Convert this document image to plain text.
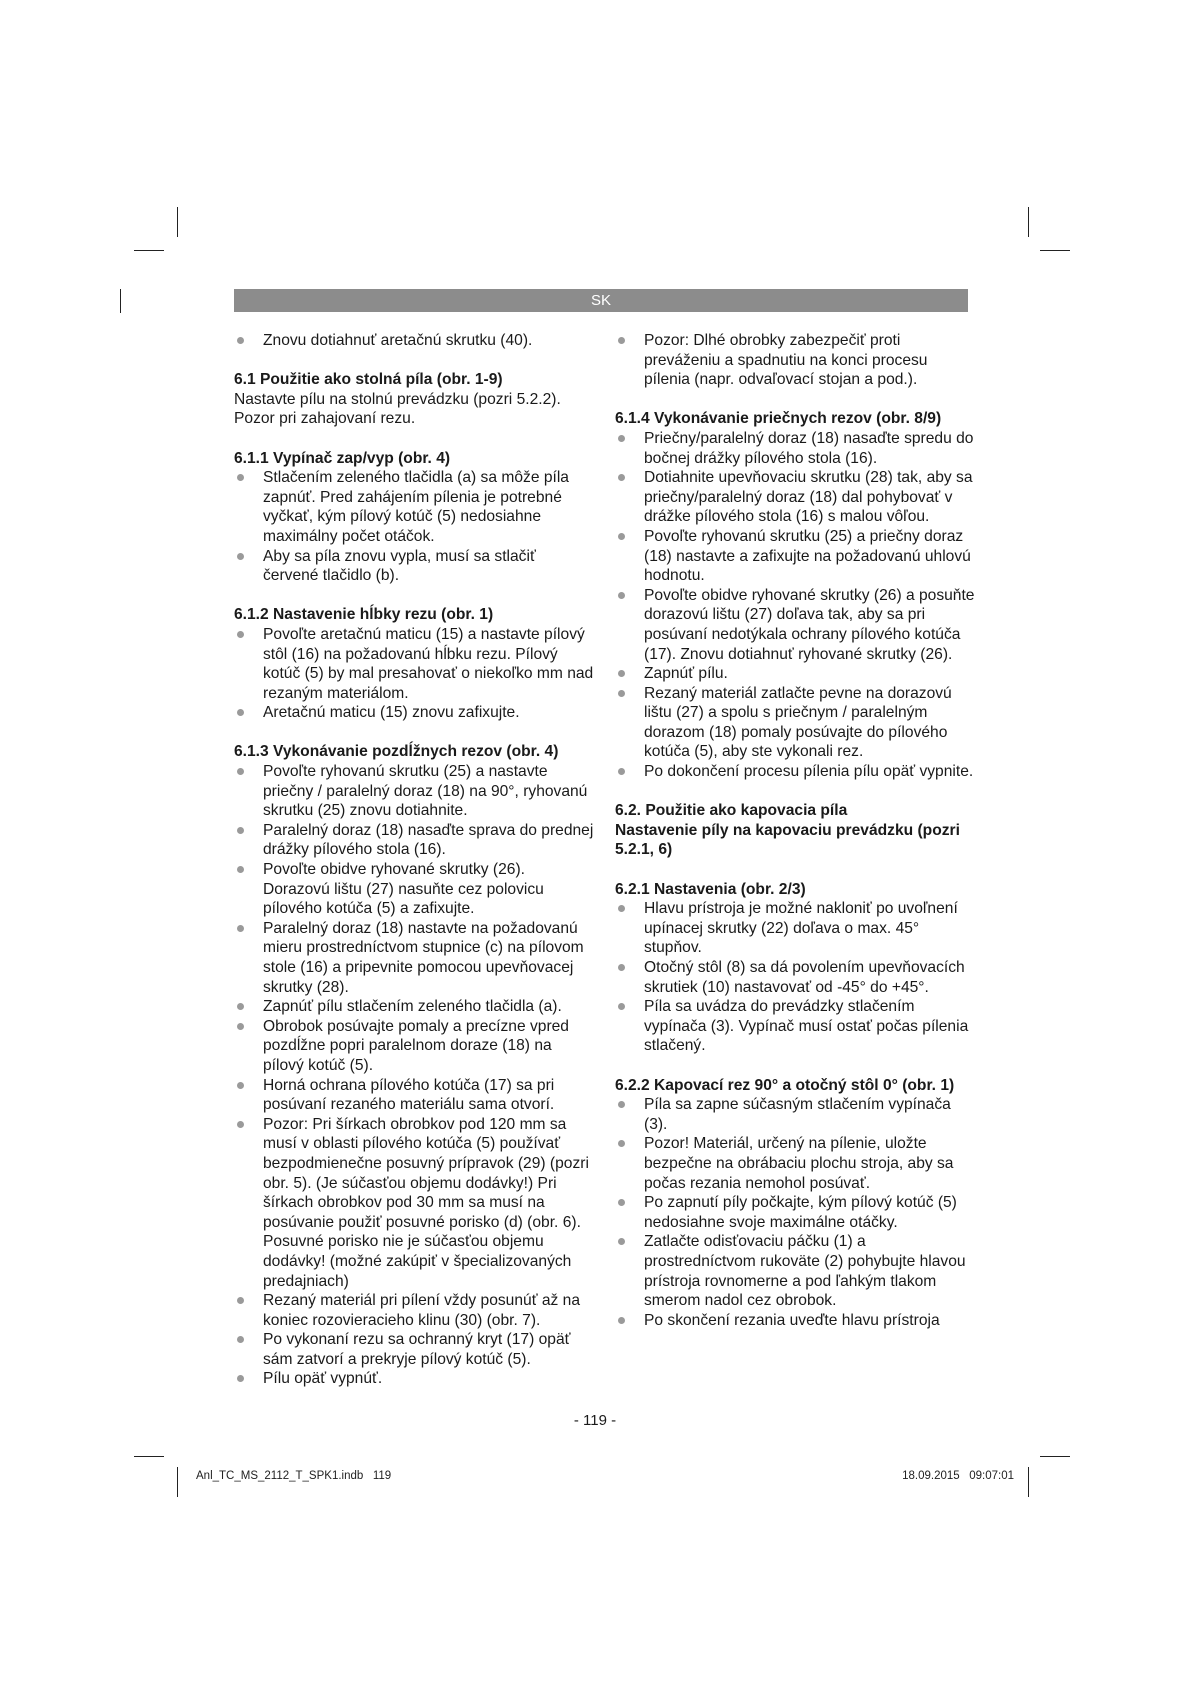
SK
Znovu dotiahnuť aretačnú skrutku (40).

6.1 Použitie ako stolná píla (obr. 1-9)

Nastavte pílu na stolnú prevádzku (pozri 5.2.2). Pozor pri zahajovaní rezu.

6.1.1 Vypínač zap/vyp (obr. 4)

Stlačením zeleného tlačidla (a) sa môže píla zapnúť. Pred zahájením pílenia je potrebné vyčkať, kým pílový kotúč (5) nedosiahne maximálny počet otáčok.
Aby sa píla znovu vypla, musí sa stlačiť červené tlačidlo (b).

6.1.2 Nastavenie hĺbky rezu (obr. 1)

Povoľte aretačnú maticu (15) a nastavte pílový stôl (16) na požadovanú hĺbku rezu. Pílový kotúč (5) by mal presahovať o niekoľko mm nad rezaným materiálom.
Aretačnú maticu (15) znovu zafixujte.

6.1.3 Vykonávanie pozdĺžnych rezov (obr. 4)

Povoľte ryhovanú skrutku (25) a nastavte priečny / paralelný doraz (18) na 90°, ryhovanú skrutku (25) znovu dotiahnite.
Paralelný doraz (18) nasaďte sprava do prednej drážky pílového stola (16).
Povoľte obidve ryhované skrutky (26). Dorazovú lištu (27) nasuňte cez polovicu pílového kotúča (5) a zafixujte.
Paralelný doraz (18) nastavte na požadovanú mieru prostredníctvom stupnice (c) na pílovom stole (16) a pripevnite pomocou upevňovacej skrutky (28).
Zapnúť pílu stlačením zeleného tlačidla (a).
Obrobok posúvajte pomaly a precízne vpred pozdĺžne popri paralelnom doraze (18) na pílový kotúč (5).
Horná ochrana pílového kotúča (17) sa pri posúvaní rezaného materiálu sama otvorí.
Pozor: Pri šírkach obrobkov pod 120 mm sa musí v oblasti pílového kotúča (5) používať bezpodmienečne posuvný prípravok (29) (pozri obr. 5). (Je súčasťou objemu dodávky!) Pri šírkach obrobkov pod 30 mm sa musí na posúvanie použiť posuvné porisko (d) (obr. 6). Posuvné porisko nie je súčasťou objemu dodávky! (možné zakúpiť v špecializovaných predajniach)
Rezaný materiál pri pílení vždy posunúť až na koniec rozovieracieho klinu (30) (obr. 7).
Po vykonaní rezu sa ochranný kryt (17) opäť sám zatvorí a prekryje pílový kotúč (5).
Pílu opäť vypnúť.
Pozor: Dlhé obrobky zabezpečiť proti preváženiu a spadnutiu na konci procesu pílenia (napr. odvaľovací stojan a pod.).

6.1.4 Vykonávanie priečnych rezov (obr. 8/9)

Priečny/paralelný doraz (18) nasaďte spredu do bočnej drážky pílového stola (16).
Dotiahnite upevňovaciu skrutku (28) tak, aby sa priečny/paralelný doraz (18) dal pohybovať v drážke pílového stola (16) s malou vôľou.
Povoľte ryhovanú skrutku (25) a priečny doraz (18) nastavte a zafixujte na požadovanú uhlovú hodnotu.
Povoľte obidve ryhované skrutky (26) a posuňte dorazovú lištu (27) doľava tak, aby sa pri posúvaní nedotýkala ochrany pílového kotúča (17). Znovu dotiahnuť ryhované skrutky (26).
Zapnúť pílu.
Rezaný materiál zatlačte pevne na dorazovú lištu (27) a spolu s priečnym / paralelným dorazom (18) pomaly posúvajte do pílového kotúča (5), aby ste vykonali rez.
Po dokončení procesu pílenia pílu opäť vypnite.

6.2. Použitie ako kapovacia píla

Nastavenie píly na kapovaciu prevádzku (pozri 5.2.1, 6)

6.2.1 Nastavenia (obr. 2/3)

Hlavu prístroja je možné nakloniť po uvoľnení upínacej skrutky (22) doľava o max. 45° stupňov.
Otočný stôl (8) sa dá povolením upevňovacích skrutiek (10) nastavovať od -45° do +45°.
Píla sa uvádza do prevádzky stlačením vypínača (3). Vypínač musí ostať počas pílenia stlačený.

6.2.2 Kapovací rez 90° a otočný stôl 0° (obr. 1)

Píla sa zapne súčasným stlačením vypínača (3).
Pozor! Materiál, určený na pílenie, uložte bezpečne na obrábaciu plochu stroja, aby sa počas rezania nemohol posúvať.
Po zapnutí píly počkajte, kým pílový kotúč (5) nedosiahne svoje maximálne otáčky.
Zatlačte odisťovaciu páčku (1) a prostredníctvom rukoväte (2) pohybujte hlavou prístroja rovnomerne a pod ľahkým tlakom smerom nadol cez obrobok.
Po skončení rezania uveďte hlavu prístroja
- 119 -
Anl_TC_MS_2112_T_SPK1.indb   119	18.09.2015   09:07:01
